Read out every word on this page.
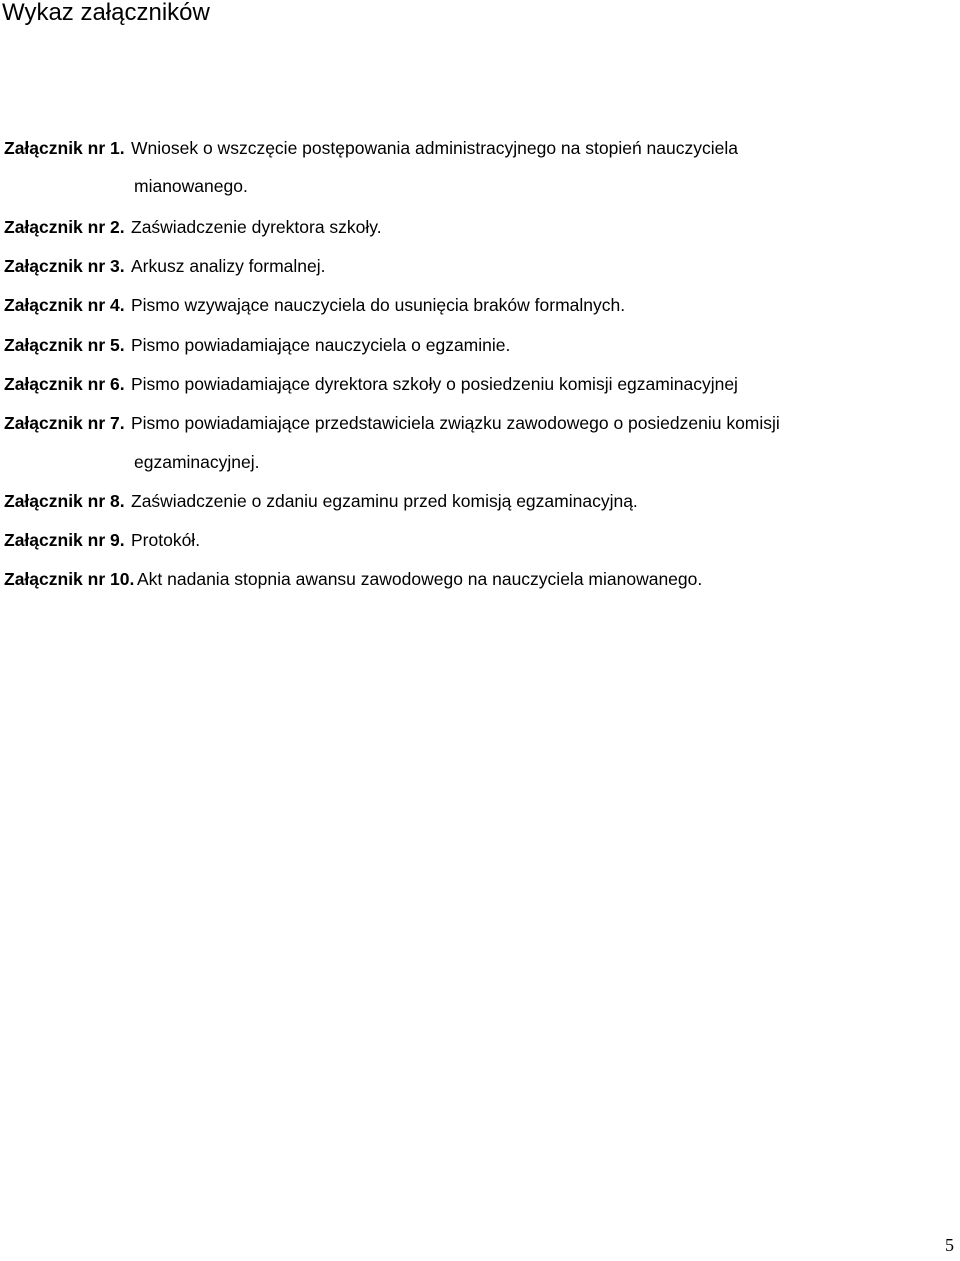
Wykaz załączników
Załącznik nr 1. Wniosek o wszczęcie postępowania administracyjnego na stopień nauczyciela
mianowanego.
Załącznik nr 2. Zaświadczenie dyrektora szkoły.
Załącznik nr 3. Arkusz analizy formalnej.
Załącznik nr 4. Pismo wzywające nauczyciela do usunięcia braków formalnych.
Załącznik nr 5. Pismo powiadamiające nauczyciela o egzaminie.
Załącznik nr 6. Pismo powiadamiające dyrektora szkoły o posiedzeniu komisji egzaminacyjnej
Załącznik nr 7. Pismo powiadamiające przedstawiciela związku zawodowego o posiedzeniu komisji
egzaminacyjnej.
Załącznik nr 8. Zaświadczenie o zdaniu egzaminu przed komisją egzaminacyjną.
Załącznik nr 9. Protokół.
Załącznik nr 10. Akt nadania stopnia awansu zawodowego na nauczyciela mianowanego.
5
